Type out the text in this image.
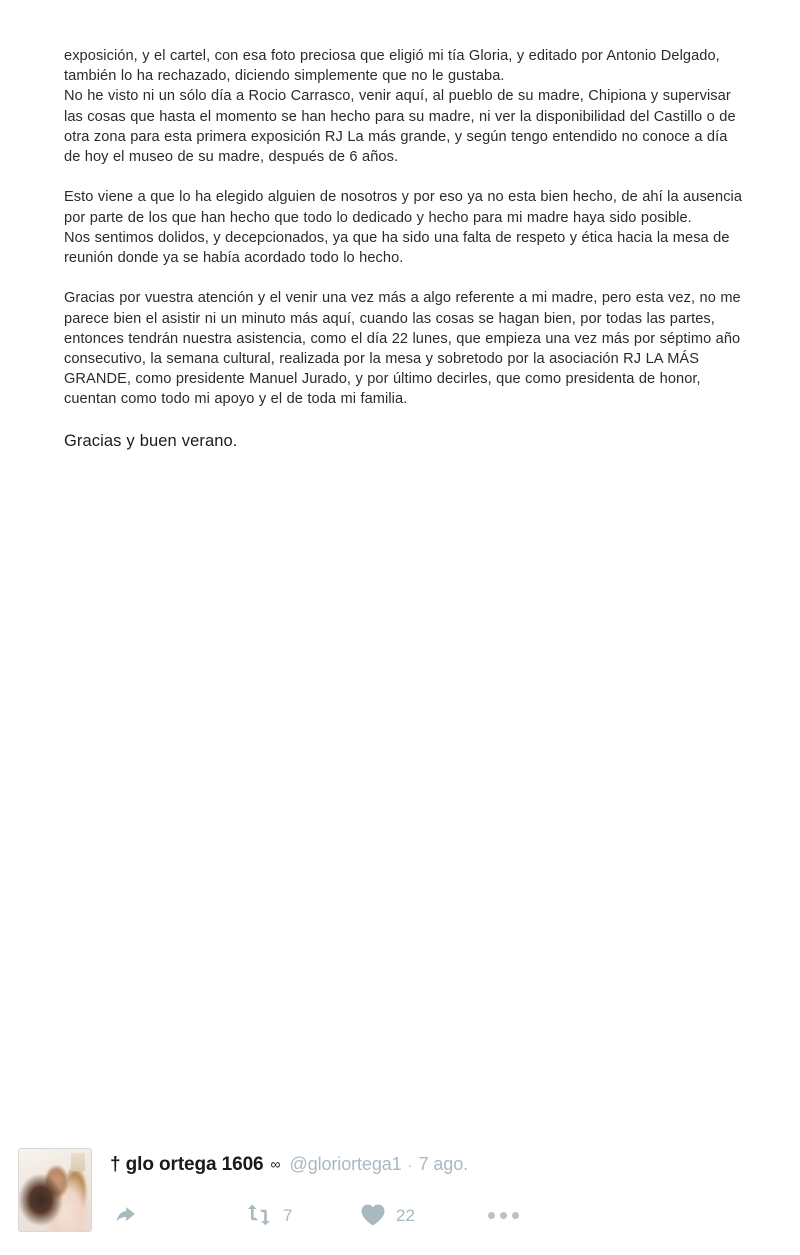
exposición, y el cartel, con esa foto preciosa que eligió mi tía Gloria, y editado por Antonio Delgado, también lo ha rechazado, diciendo simplemente que no le gustaba.
No he visto ni un sólo día a Rocio Carrasco, venir aquí, al pueblo de su madre, Chipiona y supervisar las cosas que hasta el momento se han hecho para su madre, ni ver la disponibilidad del Castillo o de otra zona para esta primera exposición RJ La más grande, y según tengo entendido no conoce a día de hoy el museo de su madre, después de 6 años.

Esto viene a que lo ha elegido alguien de nosotros y por eso ya no esta bien hecho, de ahí la ausencia por parte de los que han hecho que todo lo dedicado y hecho para mi madre haya sido posible.
Nos sentimos dolidos, y decepcionados, ya que ha sido una falta de respeto y ética hacia la mesa de reunión donde ya se había acordado todo lo hecho.

Gracias por vuestra atención y el venir una vez más a algo referente a mi madre, pero esta vez, no me parece bien el asistir ni un minuto más aquí, cuando las cosas se hagan bien, por todas las partes, entonces tendrán nuestra asistencia, como el día 22 lunes, que empieza una vez más por séptimo año consecutivo, la semana cultural, realizada por la mesa y sobretodo por la asociación RJ LA MÁS GRANDE, como presidente Manuel Jurado, y por último decirles, que como presidenta de honor, cuentan como todo mi apoyo y el de toda mi familia.

Gracias y buen verano.

† glo ortega 1606 ∞ @gloriortega1 · 7 ago.
7	22
